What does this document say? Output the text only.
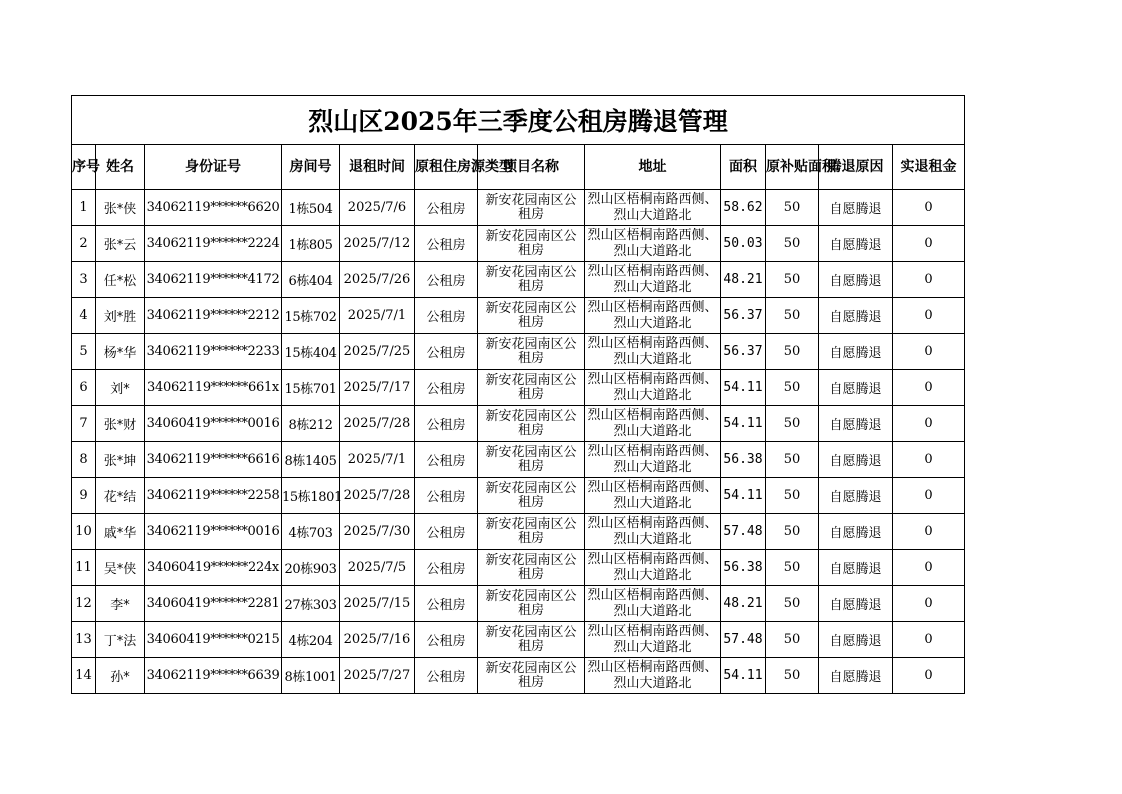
烈山区2025年三季度公租房腾退管理											
序号	姓名	身份证号	房间号	退租时间	原租住房源类型	项目名称	地址	面积	原补贴面积	腾退原因	实退租金
1	张*侠	34062119******6620	1栋504	2025/7/6	公租房	新安花园南区公租房	烈山区梧桐南路西侧、烈山大道路北	58.62	50	自愿腾退	0
2	张*云	34062119******2224	1栋805	2025/7/12	公租房	新安花园南区公租房	烈山区梧桐南路西侧、烈山大道路北	50.03	50	自愿腾退	0
3	任*松	34062119******4172	6栋404	2025/7/26	公租房	新安花园南区公租房	烈山区梧桐南路西侧、烈山大道路北	48.21	50	自愿腾退	0
4	刘*胜	34062119******2212	15栋702	2025/7/1	公租房	新安花园南区公租房	烈山区梧桐南路西侧、烈山大道路北	56.37	50	自愿腾退	0
5	杨*华	34062119******2233	15栋404	2025/7/25	公租房	新安花园南区公租房	烈山区梧桐南路西侧、烈山大道路北	56.37	50	自愿腾退	0
6	刘*	34062119******661x	15栋701	2025/7/17	公租房	新安花园南区公租房	烈山区梧桐南路西侧、烈山大道路北	54.11	50	自愿腾退	0
7	张*财	34060419******0016	8栋212	2025/7/28	公租房	新安花园南区公租房	烈山区梧桐南路西侧、烈山大道路北	54.11	50	自愿腾退	0
8	张*坤	34062119******6616	8栋1405	2025/7/1	公租房	新安花园南区公租房	烈山区梧桐南路西侧、烈山大道路北	56.38	50	自愿腾退	0
9	花*结	34062119******2258	15栋1801	2025/7/28	公租房	新安花园南区公租房	烈山区梧桐南路西侧、烈山大道路北	54.11	50	自愿腾退	0
10	戚*华	34062119******0016	4栋703	2025/7/30	公租房	新安花园南区公租房	烈山区梧桐南路西侧、烈山大道路北	57.48	50	自愿腾退	0
11	吴*侠	34060419******224x	20栋903	2025/7/5	公租房	新安花园南区公租房	烈山区梧桐南路西侧、烈山大道路北	56.38	50	自愿腾退	0
12	李*	34060419******2281	27栋303	2025/7/15	公租房	新安花园南区公租房	烈山区梧桐南路西侧、烈山大道路北	48.21	50	自愿腾退	0
13	丁*法	34060419******0215	4栋204	2025/7/16	公租房	新安花园南区公租房	烈山区梧桐南路西侧、烈山大道路北	57.48	50	自愿腾退	0
14	孙*	34062119******6639	8栋1001	2025/7/27	公租房	新安花园南区公租房	烈山区梧桐南路西侧、烈山大道路北	54.11	50	自愿腾退	0
